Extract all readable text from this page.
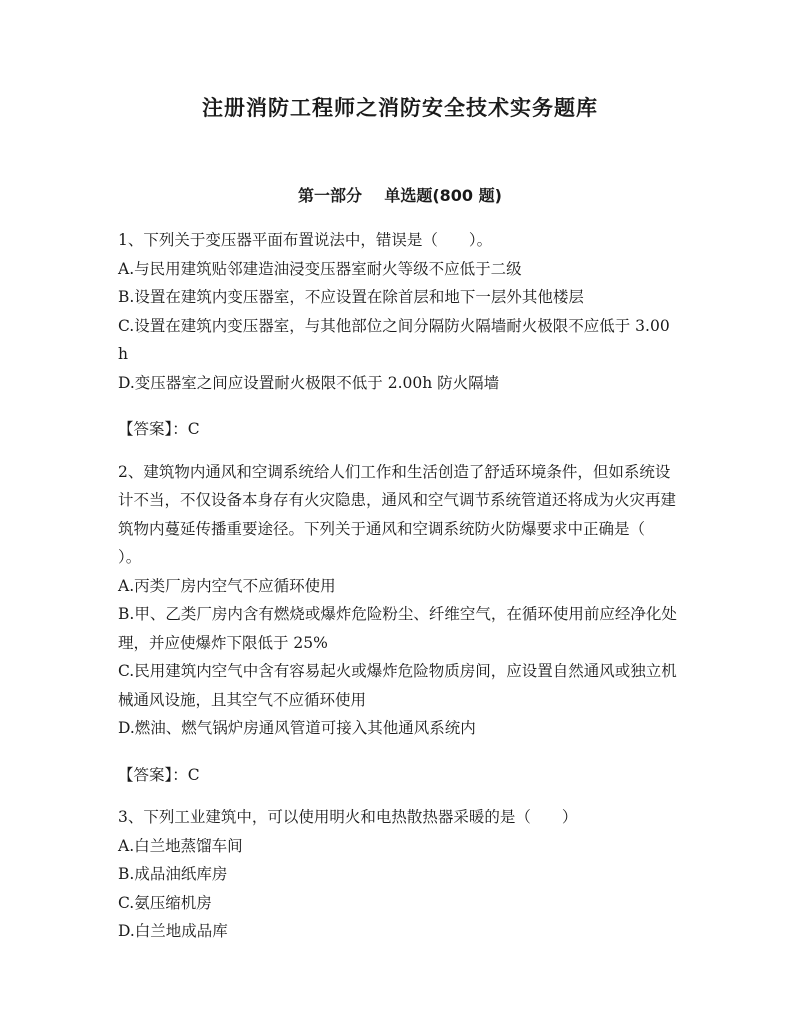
注册消防工程师之消防安全技术实务题库
第一部分    单选题(800 题)
1、下列关于变压器平面布置说法中，错误是（　　）。
A.与民用建筑贴邻建造油浸变压器室耐火等级不应低于二级
B.设置在建筑内变压器室，不应设置在除首层和地下一层外其他楼层
C.设置在建筑内变压器室，与其他部位之间分隔防火隔墙耐火极限不应低于 3.00h
D.变压器室之间应设置耐火极限不低于 2.00h 防火隔墙
【答案】：C
2、建筑物内通风和空调系统给人们工作和生活创造了舒适环境条件，但如系统设计不当，不仅设备本身存有火灾隐患，通风和空气调节系统管道还将成为火灾再建筑物内蔓延传播重要途径。下列关于通风和空调系统防火防爆要求中正确是（　　）。
A.丙类厂房内空气不应循环使用
B.甲、乙类厂房内含有燃烧或爆炸危险粉尘、纤维空气，在循环使用前应经净化处理，并应使爆炸下限低于 25%
C.民用建筑内空气中含有容易起火或爆炸危险物质房间，应设置自然通风或独立机械通风设施，且其空气不应循环使用
D.燃油、燃气锅炉房通风管道可接入其他通风系统内
【答案】：C
3、下列工业建筑中，可以使用明火和电热散热器采暖的是（　　）
A.白兰地蒸馏车间
B.成品油纸库房
C.氨压缩机房
D.白兰地成品库
